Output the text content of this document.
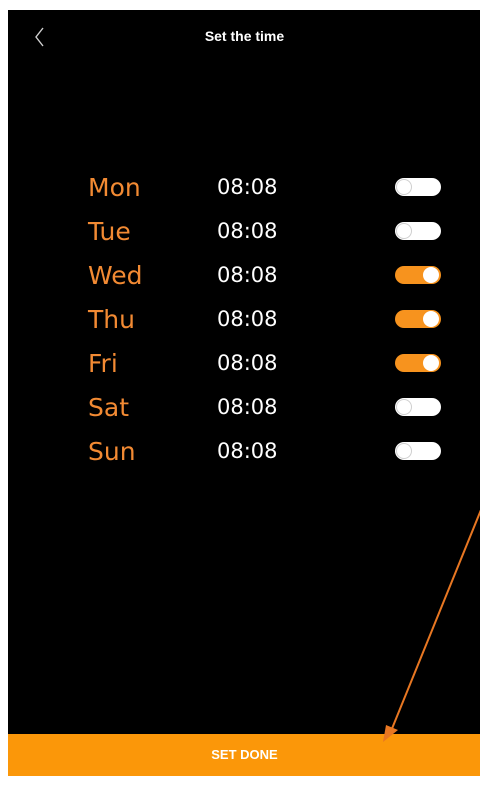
Set the time
Mon	08:08
Tue	08:08
Wed	08:08
Thu	08:08
Fri	08:08
Sat	08:08
Sun	08:08
SET DONE
